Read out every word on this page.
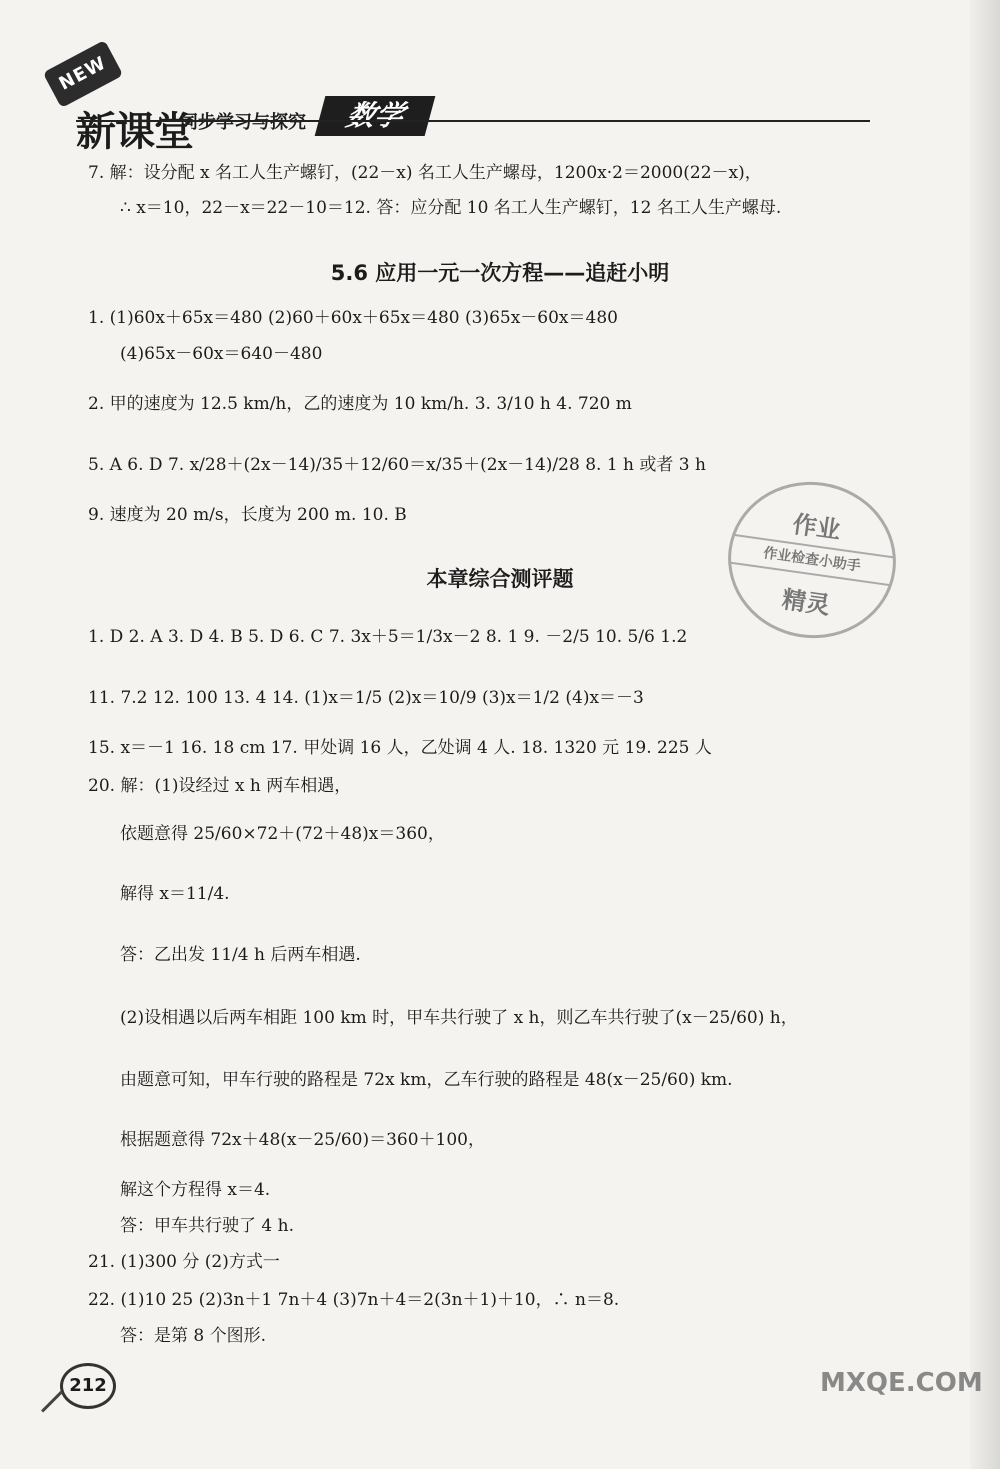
NEW
新课堂
同步学习与探究	数学
5.6 应用一元一次方程——追赶小明
本章综合测评题
7. 解：设分配 x 名工人生产螺钉，(22－x) 名工人生产螺母，1200x·2＝2000(22－x)，
∴ x＝10，22－x＝22－10＝12. 答：应分配 10 名工人生产螺钉，12 名工人生产螺母.
1. (1)60x＋65x＝480 (2)60＋60x＋65x＝480 (3)65x－60x＝480
(4)65x－60x＝640－480
2. 甲的速度为 12.5 km/h，乙的速度为 10 km/h. 3. 3/10 h 4. 720 m
5. A 6. D 7. x/28＋(2x－14)/35＋12/60＝x/35＋(2x－14)/28 8. 1 h 或者 3 h
9. 速度为 20 m/s，长度为 200 m. 10. B
1. D 2. A 3. D 4. B 5. D 6. C 7. 3x＋5＝1/3x－2 8. 1 9. －2/5 10. 5/6 1.2
11. 7.2 12. 100 13. 4 14. (1)x＝1/5 (2)x＝10/9 (3)x＝1/2 (4)x＝－3
15. x＝－1 16. 18 cm 17. 甲处调 16 人，乙处调 4 人. 18. 1320 元 19. 225 人
20. 解：(1)设经过 x h 两车相遇，
依题意得 25/60×72＋(72＋48)x＝360，
解得 x＝11/4.
答：乙出发 11/4 h 后两车相遇.
(2)设相遇以后两车相距 100 km 时，甲车共行驶了 x h，则乙车共行驶了(x－25/60) h，
由题意可知，甲车行驶的路程是 72x km，乙车行驶的路程是 48(x－25/60) km.
根据题意得 72x＋48(x－25/60)＝360＋100，
解这个方程得 x＝4.
答：甲车共行驶了 4 h.
21. (1)300 分 (2)方式一
22. (1)10 25 (2)3n＋1 7n＋4 (3)7n＋4＝2(3n＋1)＋10，∴ n＝8.
答：是第 8 个图形.
作业
作业检查小助手
精灵
212	MXQE.COM
